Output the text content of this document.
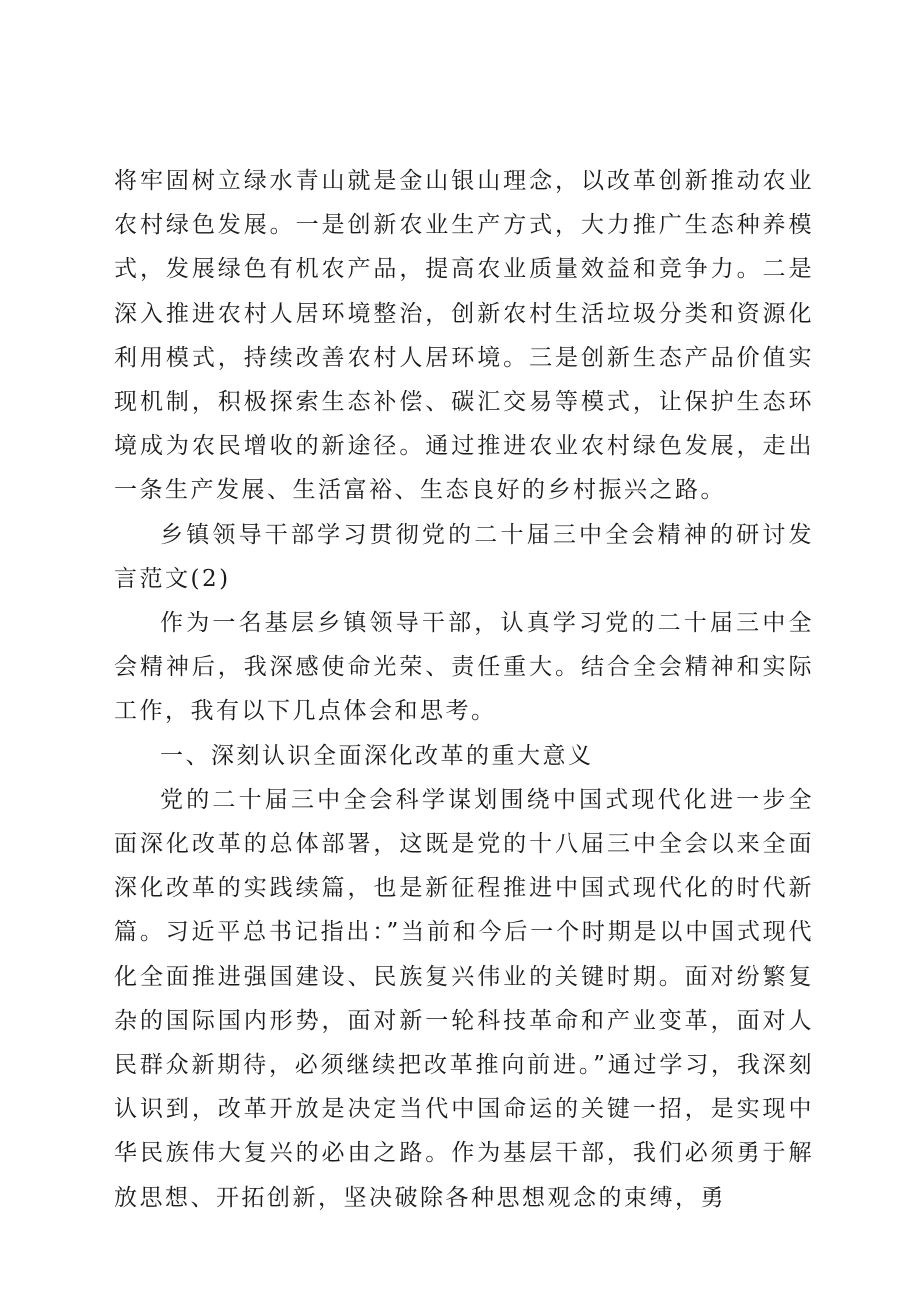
将牢固树立绿水青山就是金山银山理念，以改革创新推动农业农村绿色发展。一是创新农业生产方式，大力推广生态种养模式，发展绿色有机农产品，提高农业质量效益和竞争力。二是深入推进农村人居环境整治，创新农村生活垃圾分类和资源化利用模式，持续改善农村人居环境。三是创新生态产品价值实现机制，积极探索生态补偿、碳汇交易等模式，让保护生态环境成为农民增收的新途径。通过推进农业农村绿色发展，走出一条生产发展、生活富裕、生态良好的乡村振兴之路。

乡镇领导干部学习贯彻党的二十届三中全会精神的研讨发言范文(2)

作为一名基层乡镇领导干部，认真学习党的二十届三中全会精神后，我深感使命光荣、责任重大。结合全会精神和实际工作，我有以下几点体会和思考。

一、深刻认识全面深化改革的重大意义

党的二十届三中全会科学谋划围绕中国式现代化进一步全面深化改革的总体部署，这既是党的十八届三中全会以来全面深化改革的实践续篇，也是新征程推进中国式现代化的时代新篇。习近平总书记指出：”当前和今后一个时期是以中国式现代化全面推进强国建设、民族复兴伟业的关键时期。面对纷繁复杂的国际国内形势，面对新一轮科技革命和产业变革，面对人民群众新期待，必须继续把改革推向前进。”通过学习，我深刻认识到，改革开放是决定当代中国命运的关键一招，是实现中华民族伟大复兴的必由之路。作为基层干部，我们必须勇于解放思想、开拓创新，坚决破除各种思想观念的束缚，勇
